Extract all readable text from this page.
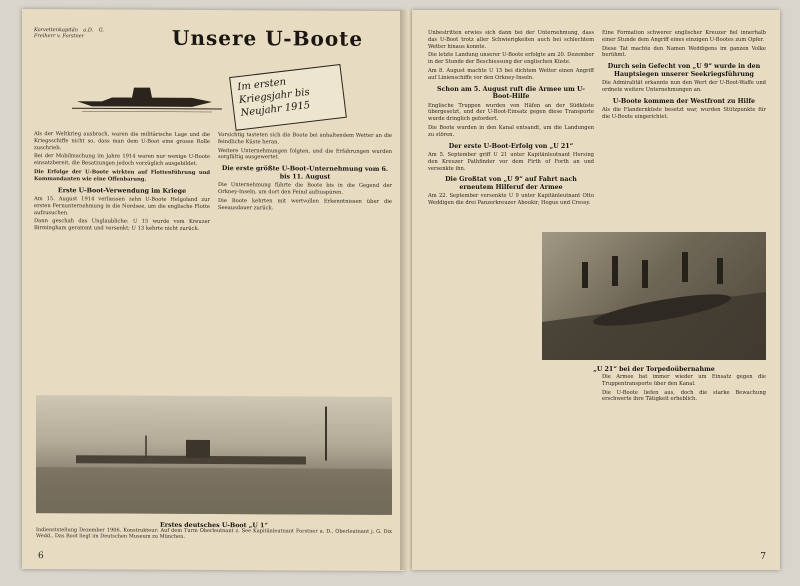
Korvettenkapitän a.D. G. Freiherr v. Forstner	Unsere U-Boote
Im ersten Kriegsjahr bis Neujahr 1915

Als der Weltkrieg ausbrach, waren die militärische Lage und die Kriegsschiffe nicht so, dass man dem U-Boot eine grosse Rolle zuschrieb.

Bei der Mobilmachung im Jahre 1914 waren nur wenige U-Boote einsatzbereit, die Besatzungen jedoch vorzüglich ausgebildet.

Die Erfolge der U-Boote wirkten auf Flottenführung und Kommandanten wie eine Offenbarung.

Erste U-Boot-Verwendung im Kriege

Am 15. August 1914 verliessen zehn U-Boote Helgoland zur ersten Fernunternehmung in die Nordsee, um die englische Flotte aufzusuchen.

Dann geschah das Unglaubliche: U 15 wurde vom Kreuzer Birmingham gerammt und versenkt; U 13 kehrte nicht zurück.

Vorsichtig tasteten sich die Boote bei anhaltendem Wetter an die feindliche Küste heran.

Weitere Unternehmungen folgten, und die Erfahrungen wurden sorgfältig ausgewertet.

Die erste größte U-Boot-Unternehmung vom 6. bis 11. August

Die Unternehmung führte die Boote bis in die Gegend der Orkney-Inseln, um dort den Feind aufzuspüren.

Die Boote kehrten mit wertvollen Erkenntnissen über die Seeausdauer zurück.

Erstes deutsches U-Boot „U 1“
Indienststellung Dezember 1906. Konstrukteur: Auf dem Turm Oberleutnant z. See Kapitänleutnant Forstner a. D., Oberleutnant j. G. Dix Wedd., Das Boot liegt im Deutschen Museum zu München.
6

Unbestritten erwies sich dann bei der Unternehmung, dass das U-Boot trotz aller Schwierigkeiten auch bei schlechtem Wetter hinaus konnte.

Die letzte Landung unserer U-Boote erfolgte am 20. Dezember in der Stunde der Beschiessung der englischen Küste.

Am 8. August machte U 15 bei dichtem Wetter einen Angriff auf Linienschiffe vor den Orkney-Inseln.

Schon am 5. August ruft die Armee um U-Boot-Hilfe

Englische Truppen wurden von Häfen an der Südküste übergesetzt, und der U-Boot-Einsatz gegen diese Transporte wurde dringlich gefordert.

Die Boote wurden in den Kanal entsandt, um die Landungen zu stören.

Der erste U-Boot-Erfolg von „U 21“

Am 5. September griff U 21 unter Kapitänleutnant Hersing den Kreuzer Pathfinder vor dem Firth of Forth an und versenkte ihn.

Die Großtat von „U 9“ auf Fahrt nach erneutem Hilferuf der Armee

Am 22. September versenkte U 9 unter Kapitänleutnant Otto Weddigen die drei Panzerkreuzer Aboukir, Hogue und Cressy.

Eine Formation schwerer englischer Kreuzer fiel innerhalb einer Stunde dem Angriff eines einzigen U-Bootes zum Opfer.

Diese Tat machte den Namen Weddigens im ganzen Volke berühmt.

Durch sein Gefecht von „U 9“ wurde in den Hauptsiegen unserer Seekriegsführung

Die Admiralität erkannte nun den Wert der U-Boot-Waffe und ordnete weitere Unternehmungen an.

U-Boote kommen der Westfront zu Hilfe

Als die Flandernküste besetzt war, wurden Stützpunkte für die U-Boote eingerichtet.

„U 21“ bei der Torpedoübernahme

Die Armee bat immer wieder um Einsatz gegen die Truppentransporte über den Kanal.

Die U-Boote liefen aus, doch die starke Bewachung erschwerte ihre Tätigkeit erheblich.

7
